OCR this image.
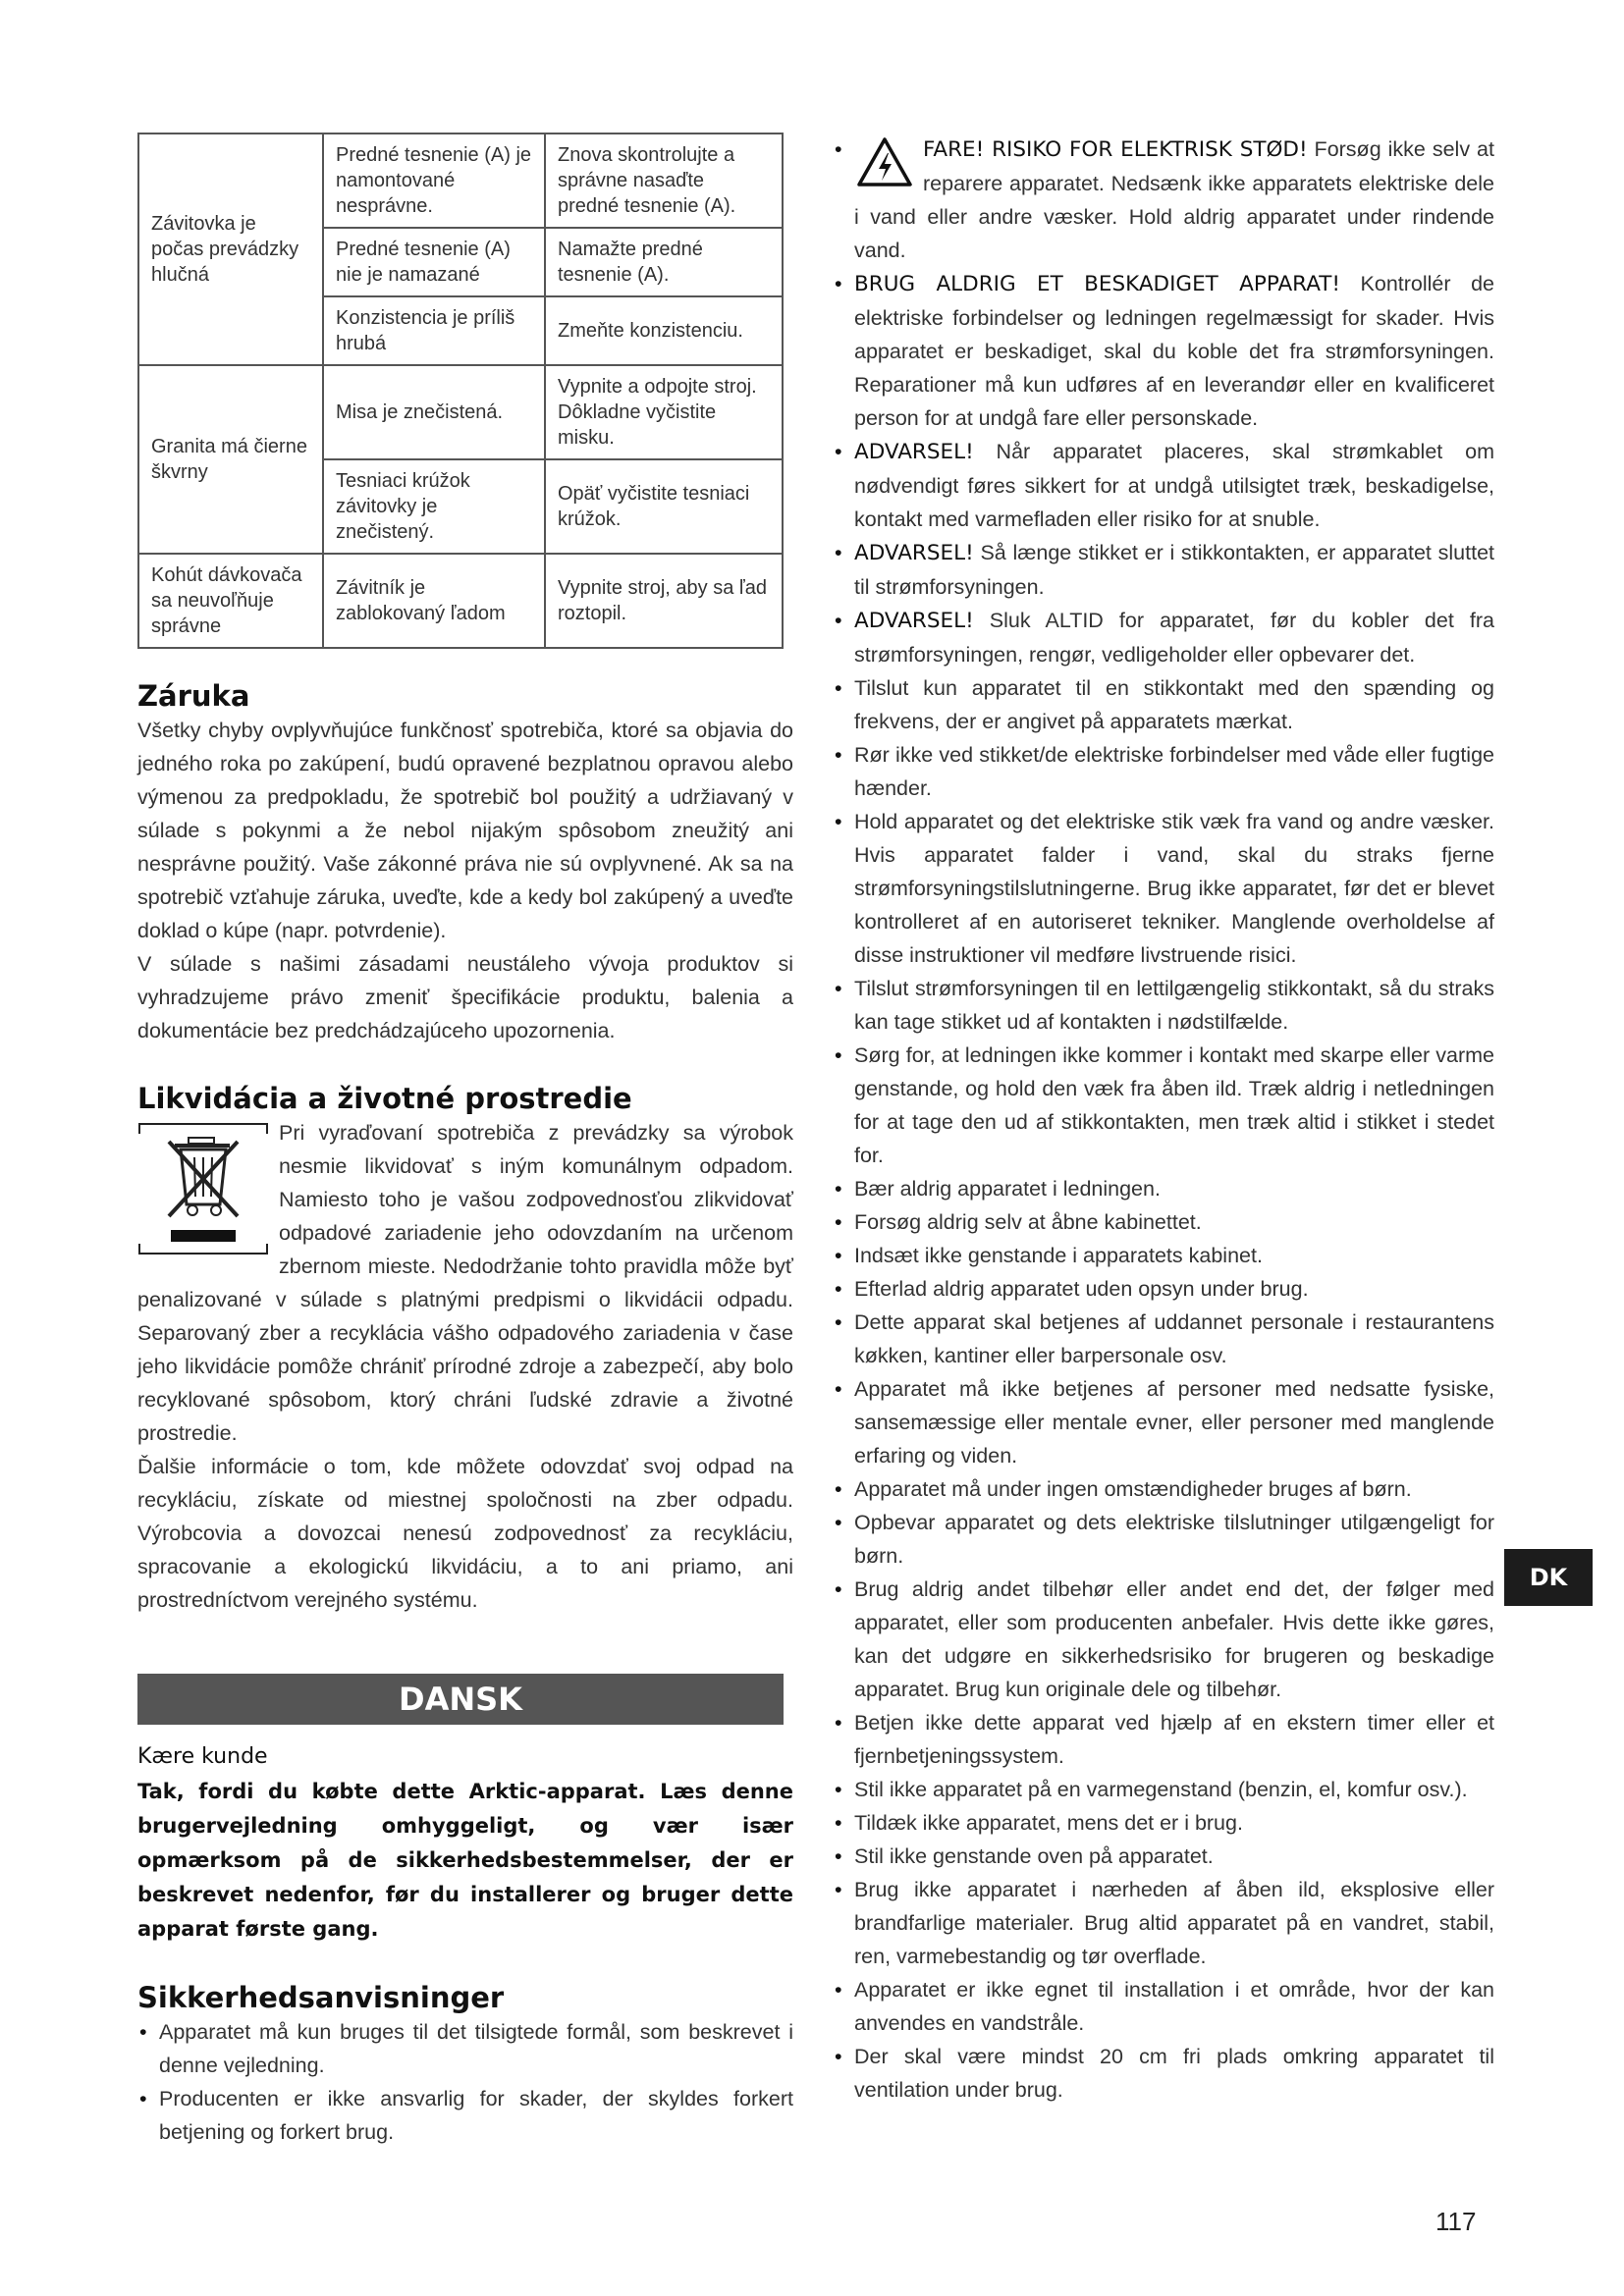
Závitovka je počas prevádzky hlučná	Predné tesnenie (A) je namontované nesprávne.	Znova skontrolujte a správne nasaďte predné tesnenie (A).
	Predné tesnenie (A) nie je namazané	Namažte predné tesnenie (A).
	Konzistencia je príliš hrubá	Zmeňte konzistenciu.
Granita má čierne škvrny	Misa je znečistená.	Vypnite a odpojte stroj. Dôkladne vyčistite misku.
	Tesniaci krúžok závitovky je znečistený.	Opäť vyčistite tesniaci krúžok.
Kohút dávkovača sa neuvoľňuje správne	Závitník je zablokovaný ľadom	Vypnite stroj, aby sa ľad roztopil.
Záruka

Všetky chyby ovplyvňujúce funkčnosť spotrebiča, ktoré sa objavia do jedného roka po zakúpení, budú opravené bezplatnou opravou alebo výmenou za predpokladu, že spotrebič bol použitý a udržiavaný v súlade s pokynmi a že nebol nijakým spôsobom zneužitý ani nesprávne použitý. Vaše zákonné práva nie sú ovplyvnené. Ak sa na spotrebič vzťahuje záruka, uveďte, kde a kedy bol zakúpený a uveďte doklad o kúpe (napr. potvrdenie).

V súlade s našimi zásadami neustáleho vývoja produktov si vyhradzujeme právo zmeniť špecifikácie produktu, balenia a dokumentácie bez predchádzajúceho upozornenia.

Likvidácia a životné prostredie

Pri vyraďovaní spotrebiča z prevádzky sa výrobok nesmie likvidovať s iným komunálnym odpadom. Namiesto toho je vašou zodpovednosťou zlikvidovať odpadové zariadenie jeho odovzdaním na určenom zbernom mieste. Nedodržanie tohto pravidla môže byť penalizované v súlade s platnými predpismi o likvidácii odpadu. Separovaný zber a recyklácia vášho odpadového zariadenia v čase jeho likvidácie pomôže chrániť prírodné zdroje a zabezpečí, aby bolo recyklované spôsobom, ktorý chráni ľudské zdravie a životné prostredie.

Ďalšie informácie o tom, kde môžete odovzdať svoj odpad na recykláciu, získate od miestnej spoločnosti na zber odpadu. Výrobcovia a dovozcai nenesú zodpovednosť za recykláciu, spracovanie a ekologickú likvidáciu, a to ani priamo, ani prostredníctvom verejného systému.

DANSK
Kære kunde

Tak, fordi du købte dette Arktic-apparat. Læs denne brugervejledning omhyggeligt, og vær især opmærksom på de sikkerhedsbestemmelser, der er beskrevet nedenfor, før du installerer og bruger dette apparat første gang.

Sikkerhedsanvisninger
• Apparatet må kun bruges til det tilsigtede formål, som beskrevet i denne vejledning.
• Producenten er ikke ansvarlig for skader, der skyldes forkert betjening og forkert brug.
• FARE! RISIKO FOR ELEKTRISK STØD! Forsøg ikke selv at reparere apparatet. Nedsænk ikke apparatets elektriske dele i vand eller andre væsker. Hold aldrig apparatet under rindende vand.
• BRUG ALDRIG ET BESKADIGET APPARAT! Kontrollér de elektriske forbindelser og ledningen regelmæssigt for skader. Hvis apparatet er beskadiget, skal du koble det fra strømforsyningen. Reparationer må kun udføres af en leverandør eller en kvalificeret person for at undgå fare eller personskade.
• ADVARSEL! Når apparatet placeres, skal strømkablet om nødvendigt føres sikkert for at undgå utilsigtet træk, beskadigelse, kontakt med varmefladen eller risiko for at snuble.
• ADVARSEL! Så længe stikket er i stikkontakten, er apparatet sluttet til strømforsyningen.
• ADVARSEL! Sluk ALTID for apparatet, før du kobler det fra strømforsyningen, rengør, vedligeholder eller opbevarer det.
• Tilslut kun apparatet til en stikkontakt med den spænding og frekvens, der er angivet på apparatets mærkat.
• Rør ikke ved stikket/de elektriske forbindelser med våde eller fugtige hænder.
• Hold apparatet og det elektriske stik væk fra vand og andre væsker. Hvis apparatet falder i vand, skal du straks fjerne strømforsyningstilslutningerne. Brug ikke apparatet, før det er blevet kontrolleret af en autoriseret tekniker. Manglende overholdelse af disse instruktioner vil medføre livstruende risici.
• Tilslut strømforsyningen til en lettilgængelig stikkontakt, så du straks kan tage stikket ud af kontakten i nødstilfælde.
• Sørg for, at ledningen ikke kommer i kontakt med skarpe eller varme genstande, og hold den væk fra åben ild. Træk aldrig i netledningen for at tage den ud af stikkontakten, men træk altid i stikket i stedet for.
• Bær aldrig apparatet i ledningen.
• Forsøg aldrig selv at åbne kabinettet.
• Indsæt ikke genstande i apparatets kabinet.
• Efterlad aldrig apparatet uden opsyn under brug.
• Dette apparat skal betjenes af uddannet personale i restaurantens køkken, kantiner eller barpersonale osv.
• Apparatet må ikke betjenes af personer med nedsatte fysiske, sansemæssige eller mentale evner, eller personer med manglende erfaring og viden.
• Apparatet må under ingen omstændigheder bruges af børn.
• Opbevar apparatet og dets elektriske tilslutninger utilgængeligt for børn.
• Brug aldrig andet tilbehør eller andet end det, der følger med apparatet, eller som producenten anbefaler. Hvis dette ikke gøres, kan det udgøre en sikkerhedsrisiko for brugeren og beskadige apparatet. Brug kun originale dele og tilbehør.
• Betjen ikke dette apparat ved hjælp af en ekstern timer eller et fjernbetjeningssystem.
• Stil ikke apparatet på en varmegenstand (benzin, el, komfur osv.).
• Tildæk ikke apparatet, mens det er i brug.
• Stil ikke genstande oven på apparatet.
• Brug ikke apparatet i nærheden af åben ild, eksplosive eller brandfarlige materialer. Brug altid apparatet på en vandret, stabil, ren, varmebestandig og tør overflade.
• Apparatet er ikke egnet til installation i et område, hvor der kan anvendes en vandstråle.
• Der skal være mindst 20 cm fri plads omkring apparatet til ventilation under brug.
DK
117
